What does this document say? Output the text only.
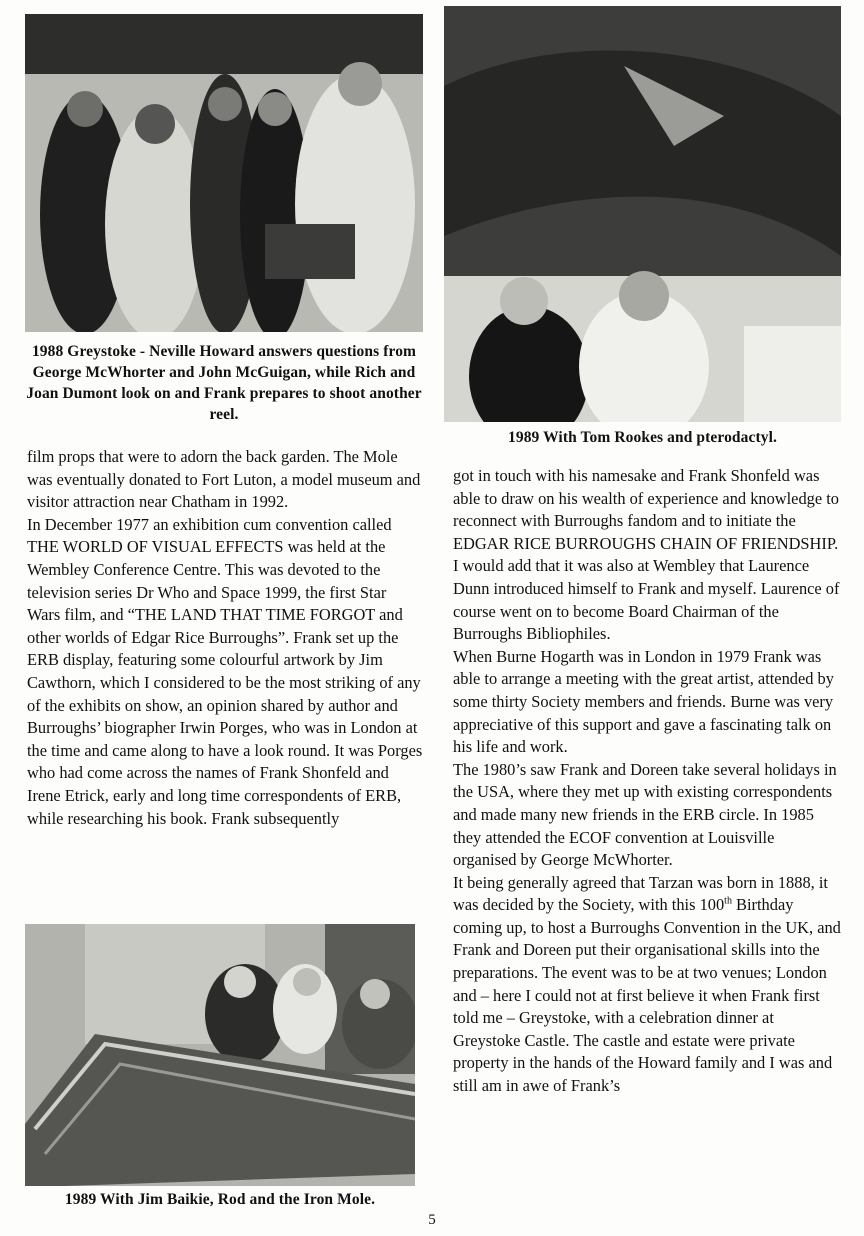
1988 Greystoke - Neville Howard answers questions from George McWhorter and John McGuigan, while Rich and Joan Dumont look on and Frank prepares to shoot another reel.
1989 With Tom Rookes and pterodactyl.

film props that were to adorn the back garden. The Mole was eventually donated to Fort Luton, a model museum and visitor attraction near Chatham in 1992.

In December 1977 an exhibition cum convention called THE WORLD OF VISUAL EFFECTS was held at the Wembley Conference Centre. This was devoted to the television series Dr Who and Space 1999, the first Star Wars film, and “THE LAND THAT TIME FORGOT and other worlds of Edgar Rice Burroughs”. Frank set up the ERB display, featuring some colourful artwork by Jim Cawthorn, which I considered to be the most striking of any of the exhibits on show, an opinion shared by author and Burroughs’ biographer Irwin Porges, who was in London at the time and came along to have a look round. It was Porges who had come across the names of Frank Shonfeld and Irene Etrick, early and long time correspondents of ERB, while researching his book. Frank subsequently

1989 With Jim Baikie, Rod and the Iron Mole.

got in touch with his namesake and Frank Shonfeld was able to draw on his wealth of experience and knowledge to reconnect with Burroughs fandom and to initiate the EDGAR RICE BURROUGHS CHAIN OF FRIENDSHIP. I would add that it was also at Wembley that Laurence Dunn introduced himself to Frank and myself. Laurence of course went on to become Board Chairman of the Burroughs Bibliophiles.

When Burne Hogarth was in London in 1979 Frank was able to arrange a meeting with the great artist, attended by some thirty Society members and friends. Burne was very appreciative of this support and gave a fascinating talk on his life and work.

The 1980’s saw Frank and Doreen take several holidays in the USA, where they met up with existing correspondents and made many new friends in the ERB circle. In 1985 they attended the ECOF convention at Louisville organised by George McWhorter.

It being generally agreed that Tarzan was born in 1888, it was decided by the Society, with this 100th Birthday coming up, to host a Burroughs Convention in the UK, and Frank and Doreen put their organisational skills into the preparations. The event was to be at two venues; London and – here I could not at first believe it when Frank first told me – Greystoke, with a celebration dinner at Greystoke Castle. The castle and estate were private property in the hands of the Howard family and I was and still am in awe of Frank’s

5
